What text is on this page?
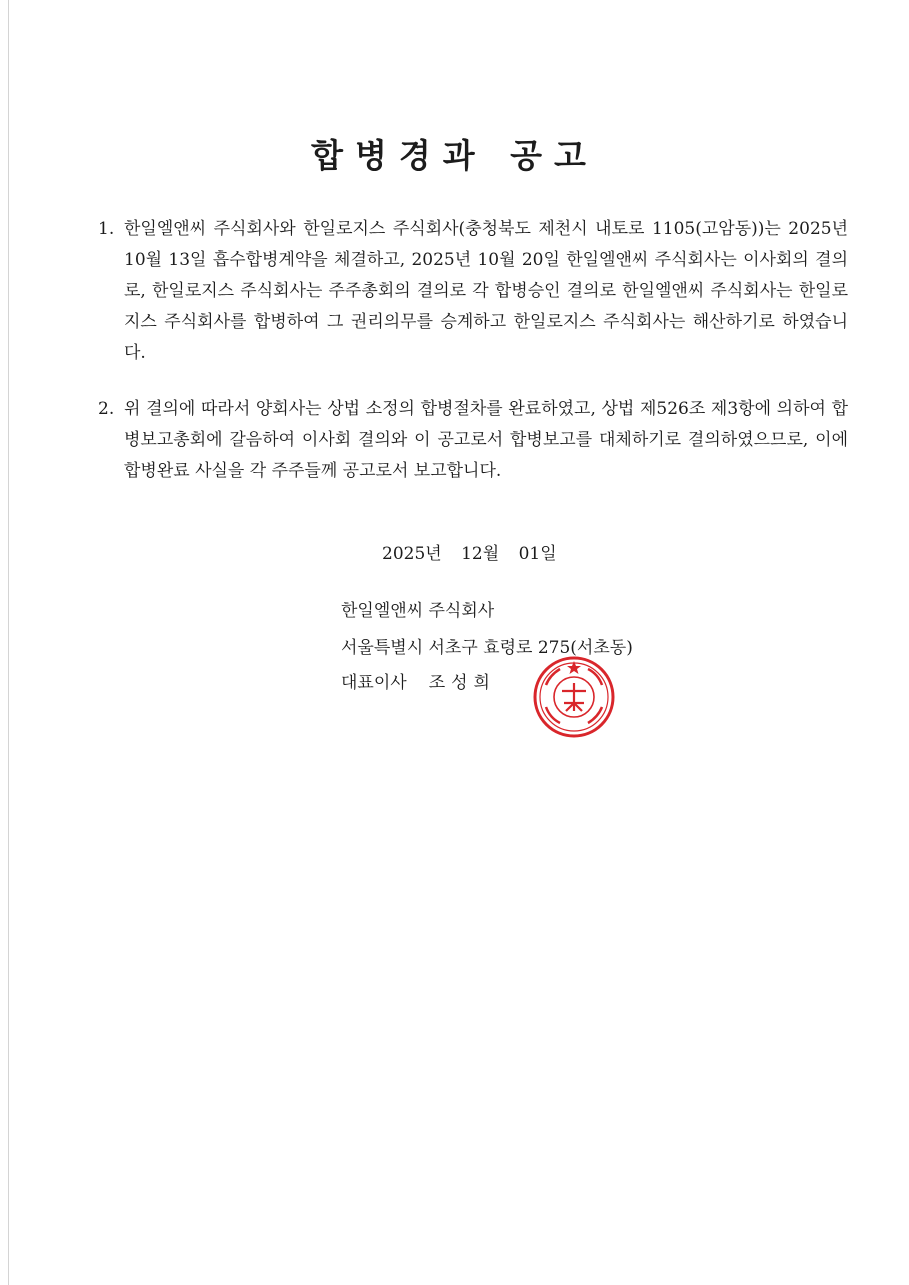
합병경과 공고
1. 한일엘앤씨 주식회사와 한일로지스 주식회사(충청북도 제천시 내토로 1105(고암동))는 2025년 10월 13일 흡수합병계약을 체결하고, 2025년 10월 20일 한일엘앤씨 주식회사는 이사회의 결의로, 한일로지스 주식회사는 주주총회의 결의로 각 합병승인 결의로 한일엘앤씨 주식회사는 한일로지스 주식회사를 합병하여 그 권리의무를 승계하고 한일로지스 주식회사는 해산하기로 하였습니다.
2. 위 결의에 따라서 양회사는 상법 소정의 합병절차를 완료하였고, 상법 제526조 제3항에 의하여 합병보고총회에 갈음하여 이사회 결의와 이 공고로서 합병보고를 대체하기로 결의하였으므로, 이에 합병완료 사실을 각 주주들께 공고로서 보고합니다.
2025년 12월 01일
한일엘앤씨 주식회사
서울특별시 서초구 효령로 275(서초동)
대표이사 조성희
